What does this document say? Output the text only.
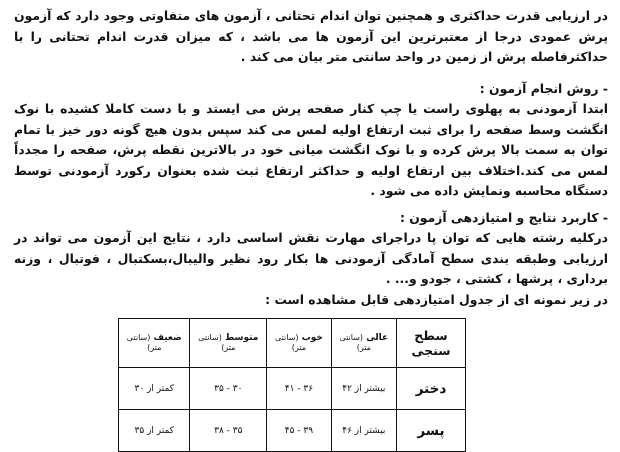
در ارزیابی قدرت حداکثری و همچنین توان اندام تحتانی ، آزمون های متفاوتی وجود دارد که آزمون پرش عمودی درجا از معتبرترین این آزمون ها می باشد ، که میزان قدرت اندام تحتانی را با حداکثرفاصله پرش از زمین در واحد سانتی متر بیان می کند .

- روش انجام آزمون :

ابتدا آزمودنی به پهلوی راست یا چپ کنار صفحه پرش می ایستد و با دست کاملا کشیده با نوک انگشت وسط صفحه را برای ثبت ارتفاع اولیه لمس می کند سپس بدون هیچ گونه دور خیز با تمام توان به سمت بالا پرش کرده و با نوک انگشت میانی خود در بالاترین نقطه پرش، صفحه را مجدداً لمس می کند.اختلاف بین ارتفاع اولیه و حداکثر ارتفاع ثبت شده بعنوان رکورد آزمودنی توسط دستگاه محاسبه ونمایش داده می شود .

- کاربرد نتایج و امتیازدهی آزمون :

درکلیه رشته هایی که توان پا دراجرای مهارت نقش اساسی دارد ، نتایج این آزمون می تواند در ارزیابی وطبقه بندی سطح آمادگی آزمودنی ها بکار رود نظیر والیبال،بسکتبال ، فوتبال ، وزنه برداری ، پرشها ، کشتی ، جودو و... .

در زیر نمونه ای از جدول امتیازدهی قابل مشاهده است :

سطح سنجی	عالی (سانتی متر)	خوب (سانتی متر)	متوسط (سانتی متر)	ضعیف (سانتی متر)
دختر	بیشتر از ۴۲	۳۶ - ۴۱	۳۰ - ۳۵	کمتر از ۳۰
پسر	بیشتر از ۴۶	۳۹ - ۴۵	۳۵ - ۳۸	کمتر از ۳۵
